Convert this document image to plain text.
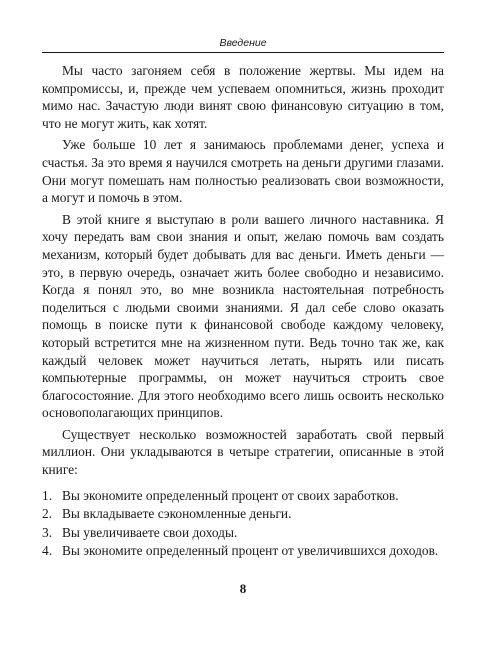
Введение

Мы часто загоняем себя в положение жертвы. Мы идем на компромиссы, и, прежде чем успеваем опомниться, жизнь проходит мимо нас. Зачастую люди винят свою финансовую ситуацию в том, что не могут жить, как хотят.

Уже больше 10 лет я занимаюсь проблемами денег, успеха и счастья. За это время я научился смотреть на деньги другими глазами. Они могут помешать нам полностью реализовать свои возможности, а могут и помочь в этом.

В этой книге я выступаю в роли вашего личного наставника. Я хочу передать вам свои знания и опыт, желаю помочь вам создать механизм, который будет добывать для вас деньги. Иметь деньги — это, в первую очередь, означает жить более свободно и независимо. Когда я понял это, во мне возникла настоятельная потребность поделиться с людьми своими знаниями. Я дал себе слово оказать помощь в поиске пути к финансовой свободе каждому человеку, который встретится мне на жизненном пути. Ведь точно так же, как каждый человек может научиться летать, нырять или писать компьютерные программы, он может научиться строить свое благосостояние. Для этого необходимо всего лишь освоить несколько основополагающих принципов.

Существует несколько возможностей заработать свой первый миллион. Они укладываются в четыре стратегии, описанные в этой книге:

1. Вы экономите определенный процент от своих заработков.
2. Вы вкладываете сэкономленные деньги.
3. Вы увеличиваете свои доходы.
4. Вы экономите определенный процент от увеличившихся доходов.
8
